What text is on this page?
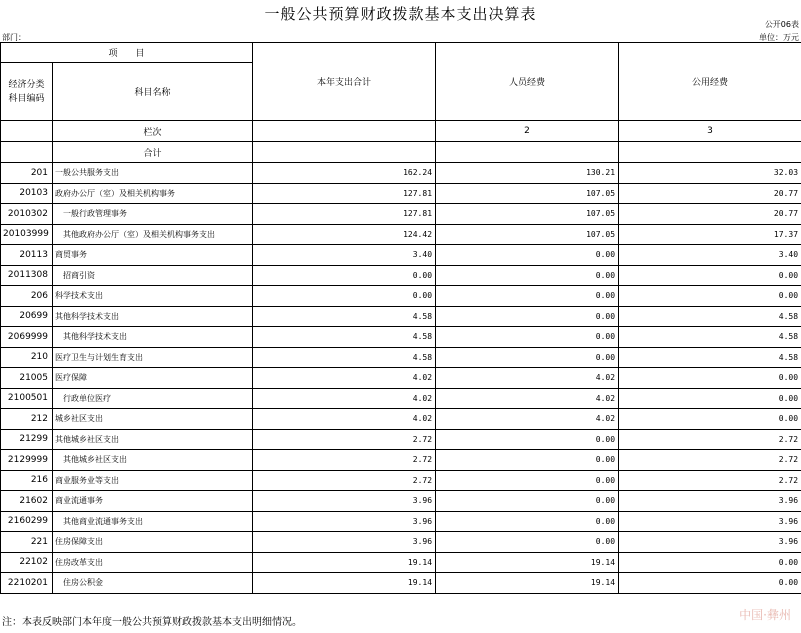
一般公共预算财政拨款基本支出决算表
公开06表
部门：	单位：万元
项　　目		本年支出合计	人员经费	公用经费
经济分类
科目编码	科目名称			
	栏次		2	3
	合计			
201	一般公共服务支出	162.24	130.21	32.03
20103	政府办公厅（室）及相关机构事务	127.81	107.05	20.77
2010302	一般行政管理事务	127.81	107.05	20.77
20103999	其他政府办公厅（室）及相关机构事务支出	124.42	107.05	17.37
20113	商贸事务	3.40	0.00	3.40
2011308	招商引资	0.00	0.00	0.00
206	科学技术支出	0.00	0.00	0.00
20699	其他科学技术支出	4.58	0.00	4.58
2069999	其他科学技术支出	4.58	0.00	4.58
210	医疗卫生与计划生育支出	4.58	0.00	4.58
21005	医疗保障	4.02	4.02	0.00
2100501	行政单位医疗	4.02	4.02	0.00
212	城乡社区支出	4.02	4.02	0.00
21299	其他城乡社区支出	2.72	0.00	2.72
2129999	其他城乡社区支出	2.72	0.00	2.72
216	商业服务业等支出	2.72	0.00	2.72
21602	商业流通事务	3.96	0.00	3.96
2160299	其他商业流通事务支出	3.96	0.00	3.96
221	住房保障支出	3.96	0.00	3.96
22102	住房改革支出	19.14	19.14	0.00
2210201	住房公积金	19.14	19.14	0.00
注：本表反映部门本年度一般公共预算财政拨款基本支出明细情况。
中国·彝州
